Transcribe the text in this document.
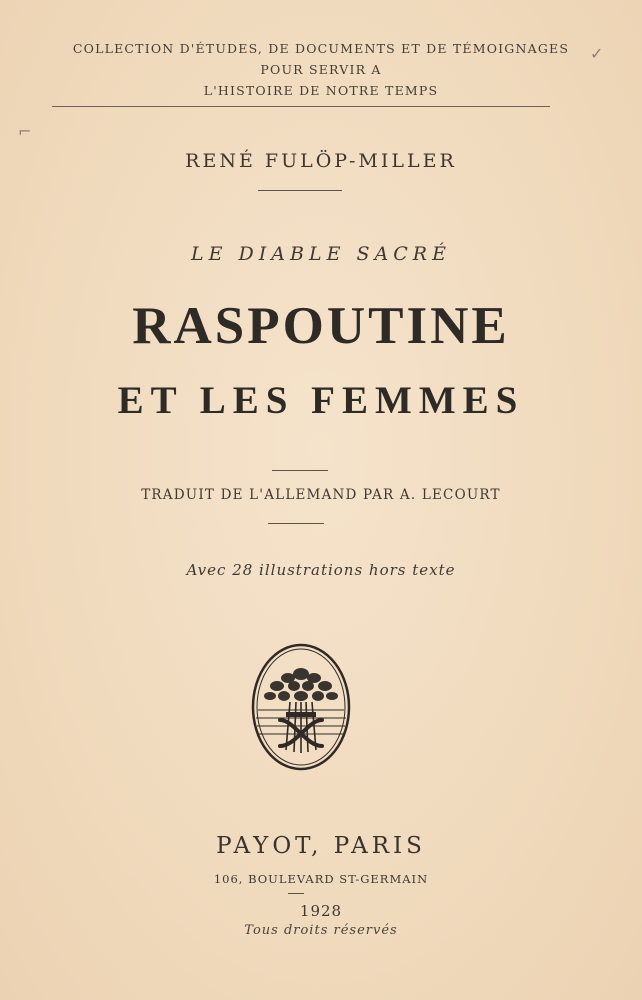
COLLECTION D'ÉTUDES, DE DOCUMENTS ET DE TÉMOIGNAGES
POUR SERVIR A
L'HISTOIRE DE NOTRE TEMPS
RENÉ FULÖP-MILLER
LE DIABLE SACRÉ
RASPOUTINE
ET LES FEMMES
TRADUIT DE L'ALLEMAND PAR A. LECOURT
Avec 28 illustrations hors texte
PAYOT, PARIS
106, BOULEVARD ST-GERMAIN
1928
Tous droits réservés
✓
⌐
